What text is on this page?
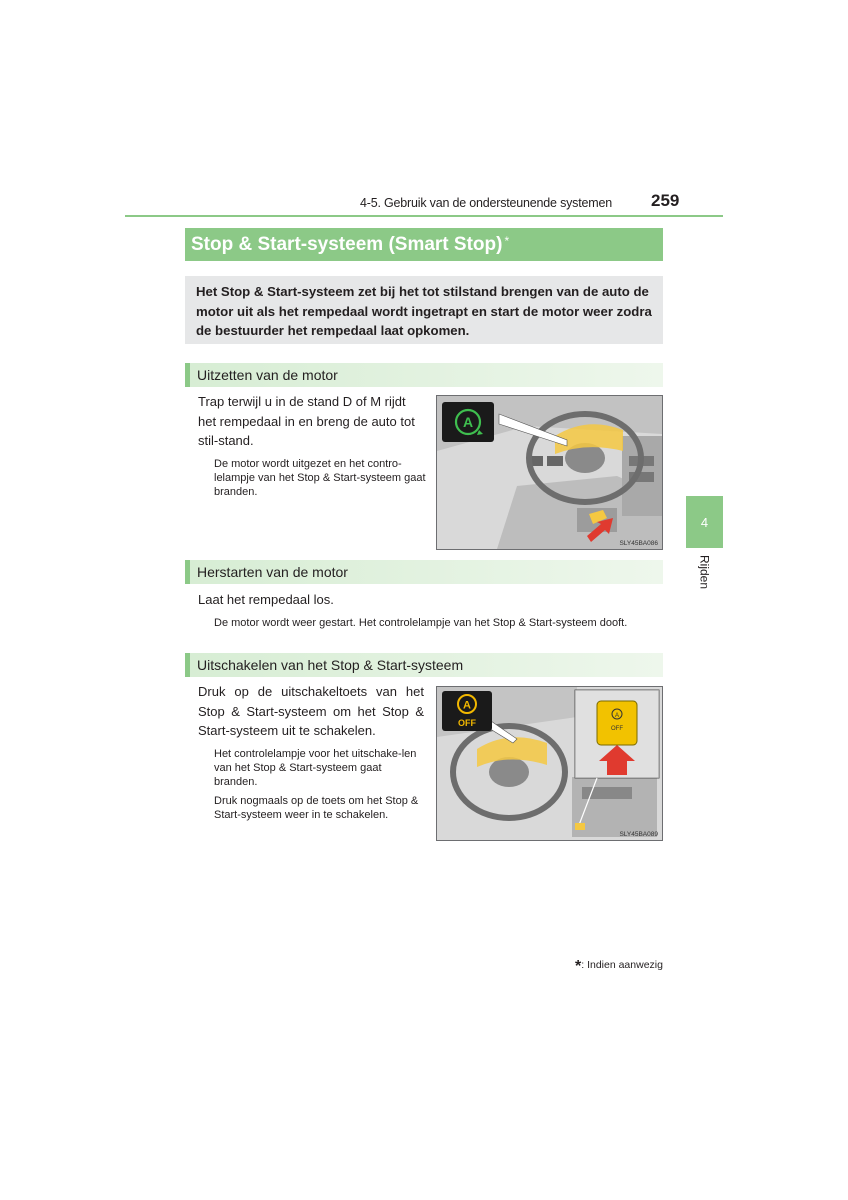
4-5. Gebruik van de ondersteunende systemen 259
4
Rijden
Stop & Start-systeem (Smart Stop)*
Het Stop & Start-systeem zet bij het tot stilstand brengen van de auto de motor uit als het rempedaal wordt ingetrapt en start de motor weer zodra de bestuurder het rempedaal laat opkomen.
Uitzetten van de motor
Trap terwijl u in de stand D of M rijdt het rempedaal in en breng de auto tot stil-stand.
De motor wordt uitgezet en het contro-lelampje van het Stop & Start-systeem gaat branden.
A
SLY45BA086
Herstarten van de motor
Laat het rempedaal los.
De motor wordt weer gestart. Het controlelampje van het Stop & Start-systeem dooft.
Uitschakelen van het Stop & Start-systeem
Druk op de uitschakeltoets van het Stop & Start-systeem om het Stop & Start-systeem uit te schakelen.
Het controlelampje voor het uitschake-len van het Stop & Start-systeem gaat branden.
Druk nogmaals op de toets om het Stop & Start-systeem weer in te schakelen.
A
OFF
A
OFF
SLY45BA089
*: Indien aanwezig
